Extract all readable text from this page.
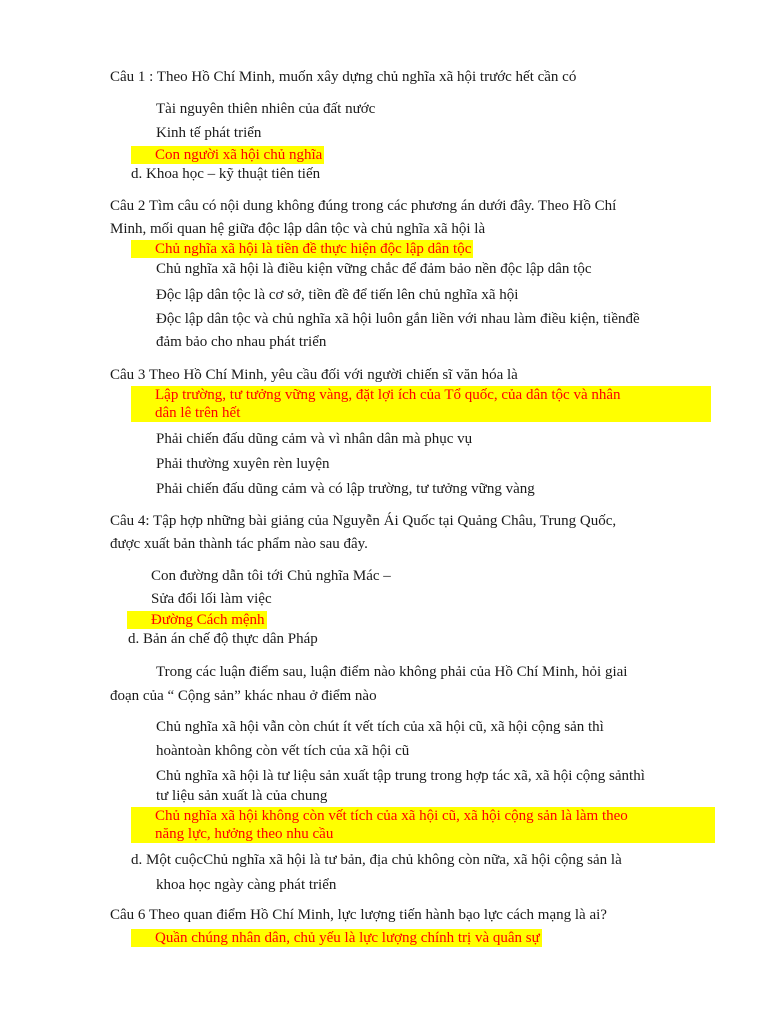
Câu 1 : Theo Hồ Chí Minh, muốn xây dựng chủ nghĩa xã hội trước hết cần có
Tài nguyên thiên nhiên của đất nước
Kinh tế phát triển
Con người xã hội chủ nghĩa
d. Khoa học – kỹ thuật tiên tiến
Câu 2 Tìm câu có nội dung không đúng trong các phương án dưới đây. Theo Hồ Chí
Minh, mối quan hệ giữa độc lập dân tộc và chủ nghĩa xã hội là
Chủ nghĩa xã hội là tiền đề thực hiện độc lập dân tộc
Chủ nghĩa xã hội là điều kiện vững chắc để đảm bảo nền độc lập dân tộc
Độc lập dân tộc là cơ sở, tiền đề để tiến lên chủ nghĩa xã hội
Độc lập dân tộc và chủ nghĩa xã hội luôn gắn liền với nhau làm điều kiện, tiềnđề
đảm bảo cho nhau phát triển
Câu 3 Theo Hồ Chí Minh, yêu cầu đối với người chiến sĩ văn hóa là
Lập trường, tư tưởng vững vàng, đặt lợi ích của Tổ quốc, của dân tộc và nhân
dân lê trên hết
Phải chiến đấu dũng cảm và vì nhân dân mà phục vụ
Phải thường xuyên rèn luyện
Phải chiến đấu dũng cảm và có lập trường, tư tưởng vững vàng
Câu 4: Tập hợp những bài giảng của Nguyễn Ái Quốc tại Quảng Châu, Trung Quốc,
được xuất bản thành tác phẩm nào sau đây.
Con đường dẫn tôi tới Chủ nghĩa Mác –
Sửa đổi lối làm việc
Đường Cách mệnh
d. Bản án chế độ thực dân Pháp
Trong các luận điểm sau, luận điểm nào không phải của Hồ Chí Minh, hỏi giai
đoạn của “ Cộng sản” khác nhau ở điểm nào
Chủ nghĩa xã hội vẫn còn chút ít vết tích của xã hội cũ, xã hội cộng sản thì
hoàntoàn không còn vết tích của xã hội cũ
Chủ nghĩa xã hội là tư liệu sản xuất tập trung trong hợp tác xã, xã hội cộng sảnthì
tư liệu sản xuất là của chung
Chủ nghĩa xã hội không còn vết tích của xã hội cũ, xã hội cộng sản là làm theo
năng lực, hưởng theo nhu cầu
d. Một cuộcChủ nghĩa xã hội là tư bản, địa chủ không còn nữa, xã hội cộng sản là
khoa học ngày càng phát triển
Câu 6 Theo quan điểm Hồ Chí Minh, lực lượng tiến hành bạo lực cách mạng là ai?
Quần chúng nhân dân, chủ yếu là lực lượng chính trị và quân sự
